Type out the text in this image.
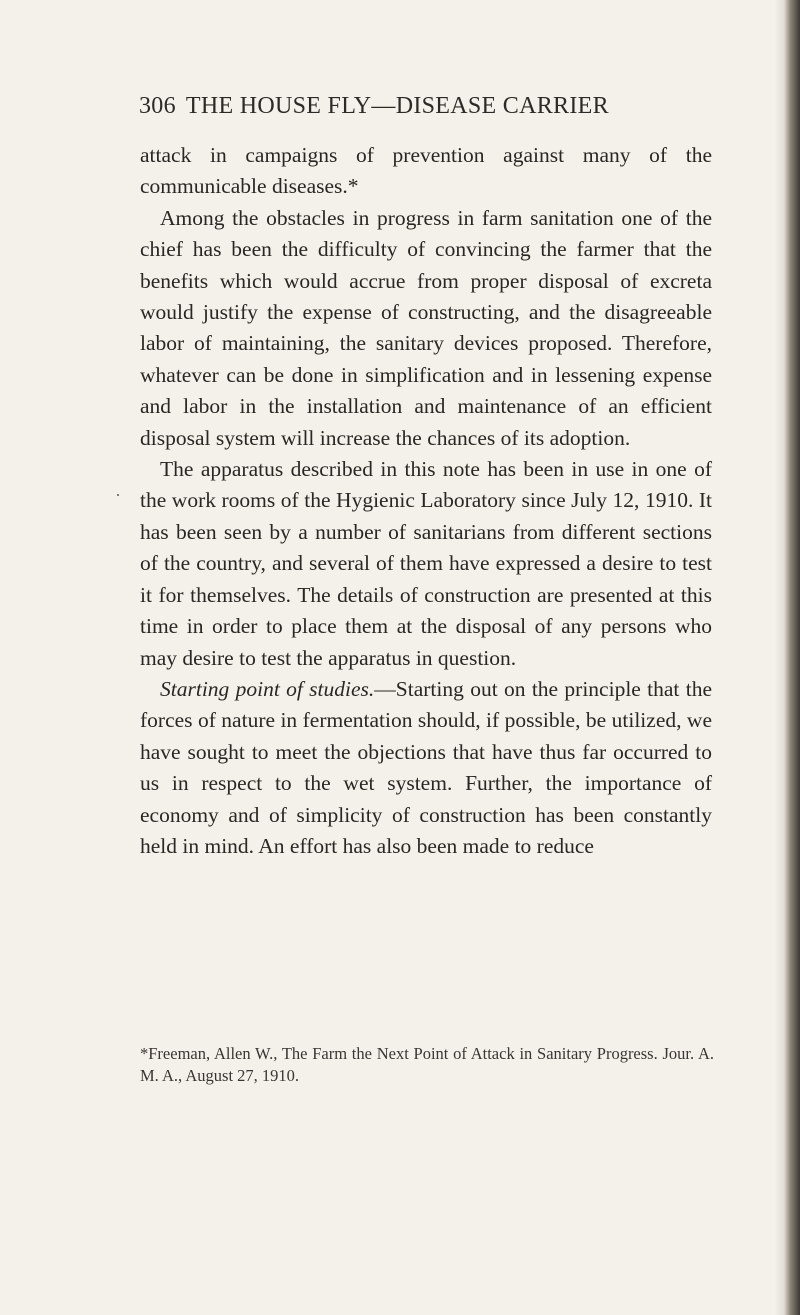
306 THE HOUSE FLY—DISEASE CARRIER

attack in campaigns of prevention against many of the communicable diseases.*

Among the obstacles in progress in farm sanitation one of the chief has been the difficulty of convincing the farmer that the benefits which would accrue from proper disposal of excreta would justify the expense of constructing, and the disagreeable labor of maintaining, the sanitary devices proposed. Therefore, whatever can be done in simplification and in lessening expense and labor in the installation and maintenance of an efficient disposal system will increase the chances of its adoption.

The apparatus described in this note has been in use in one of the work rooms of the Hygienic Laboratory since July 12, 1910. It has been seen by a number of sanitarians from different sections of the country, and several of them have expressed a desire to test it for themselves. The details of construction are presented at this time in order to place them at the disposal of any persons who may desire to test the apparatus in question.

Starting point of studies.—Starting out on the principle that the forces of nature in fermentation should, if possible, be utilized, we have sought to meet the objections that have thus far occurred to us in respect to the wet system. Further, the importance of economy and of simplicity of construction has been constantly held in mind. An effort has also been made to reduce

*Freeman, Allen W., The Farm the Next Point of Attack in Sanitary Progress. Jour. A. M. A., August 27, 1910.
